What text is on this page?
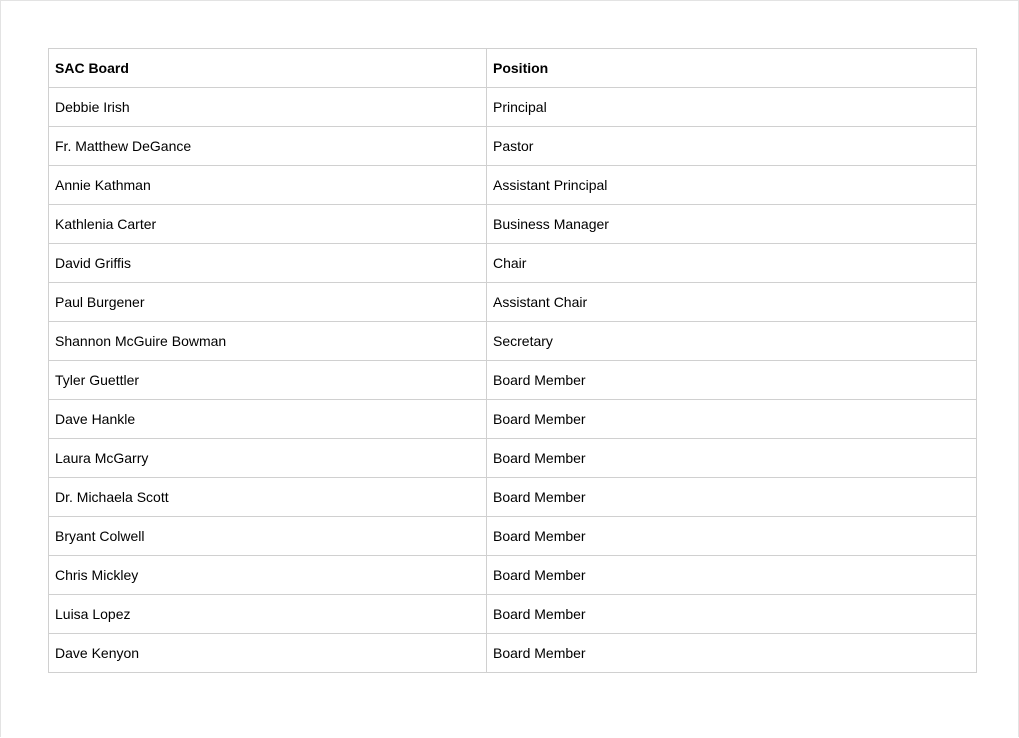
SAC Board	Position
Debbie Irish	Principal
Fr. Matthew DeGance	Pastor
Annie Kathman	Assistant Principal
Kathlenia Carter	Business Manager
David Griffis	Chair
Paul Burgener	Assistant Chair
Shannon McGuire Bowman	Secretary
Tyler Guettler	Board Member
Dave Hankle	Board Member
Laura McGarry	Board Member
Dr. Michaela Scott	Board Member
Bryant Colwell	Board Member
Chris Mickley	Board Member
Luisa Lopez	Board Member
Dave Kenyon	Board Member
